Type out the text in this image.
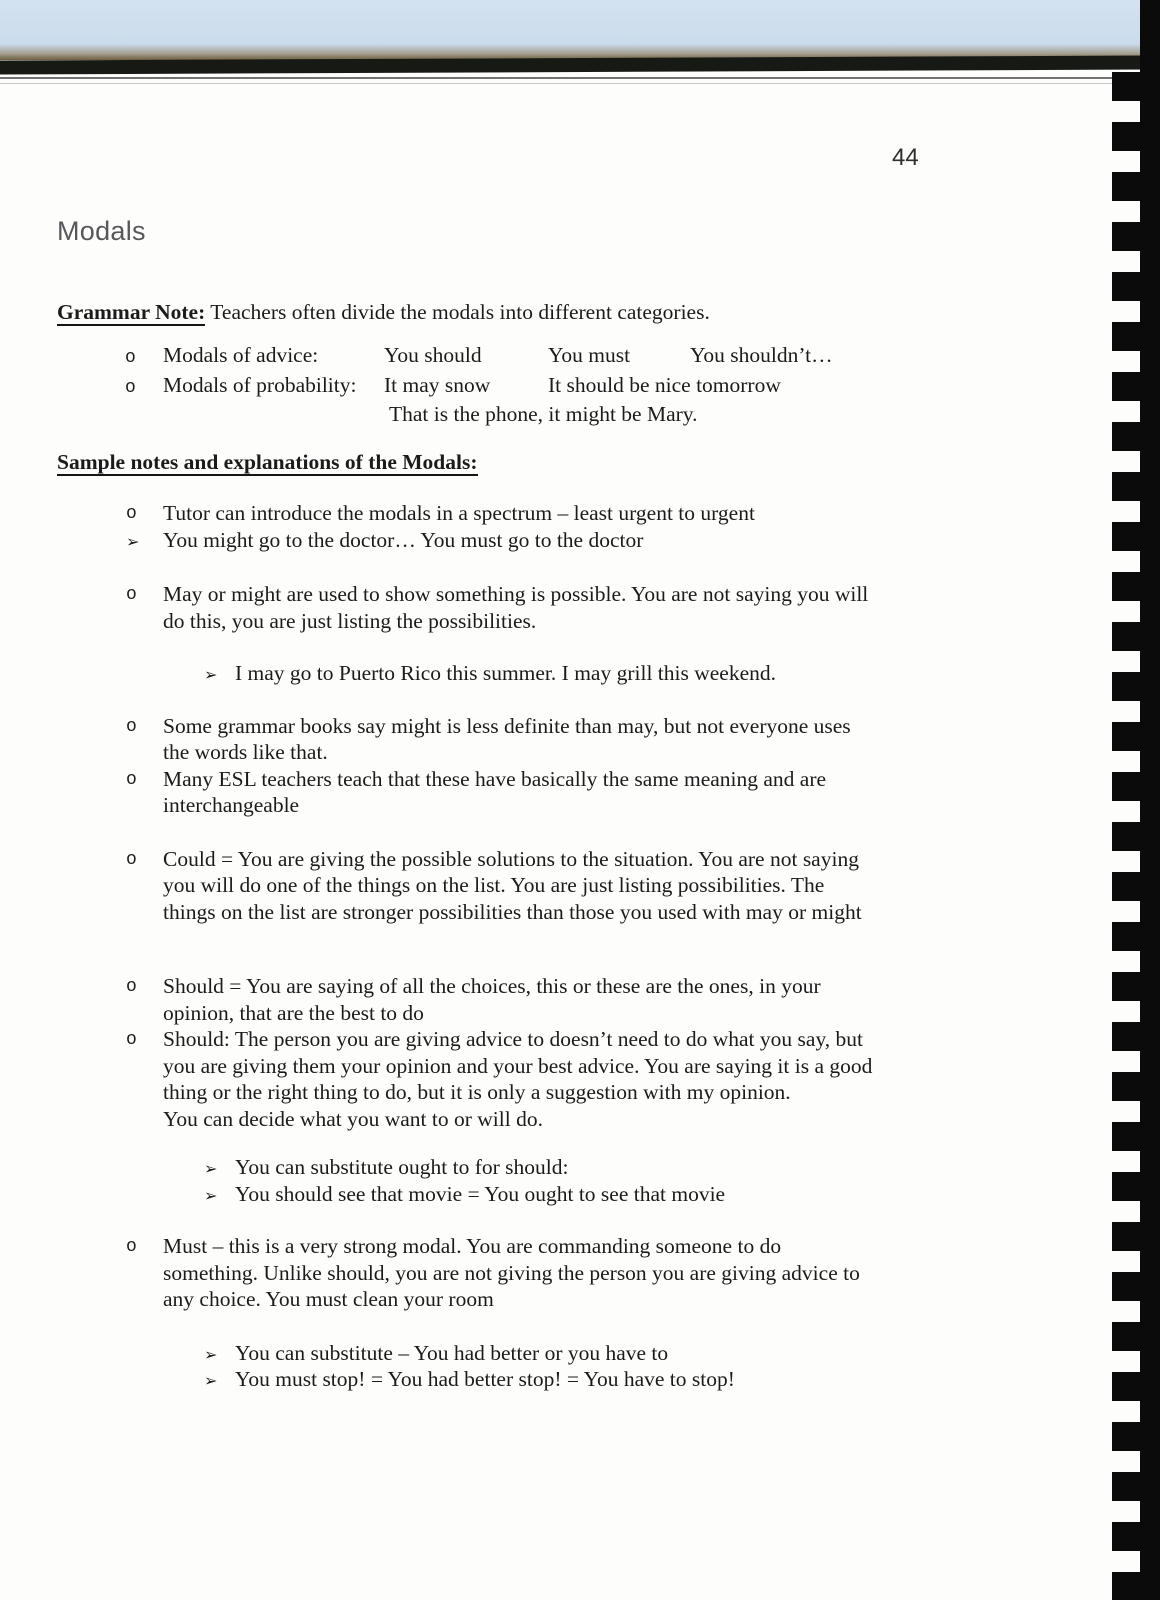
44
Modals
Grammar Note: Teachers often divide the modals into different categories.
o Modals of advice:	You should	You must	You shouldn’t…
o Modals of probability: It may snow	It should be nice tomorrow
That is the phone, it might be Mary.
Sample notes and explanations of the Modals:
o Tutor can introduce the modals in a spectrum – least urgent to urgent
➢ You might go to the doctor… You must go to the doctor
o May or might are used to show something is possible. You are not saying you will
do this, you are just listing the possibilities.
➢ I may go to Puerto Rico this summer. I may grill this weekend.
o Some grammar books say might is less definite than may, but not everyone uses
the words like that.
o Many ESL teachers teach that these have basically the same meaning and are
interchangeable
o Could = You are giving the possible solutions to the situation. You are not saying
you will do one of the things on the list. You are just listing possibilities. The
things on the list are stronger possibilities than those you used with may or might
o Should = You are saying of all the choices, this or these are the ones, in your
opinion, that are the best to do
o Should: The person you are giving advice to doesn’t need to do what you say, but
you are giving them your opinion and your best advice. You are saying it is a good
thing or the right thing to do, but it is only a suggestion with my opinion.
You can decide what you want to or will do.
➢ You can substitute ought to for should:
➢ You should see that movie = You ought to see that movie
o Must – this is a very strong modal. You are commanding someone to do
something. Unlike should, you are not giving the person you are giving advice to
any choice. You must clean your room
➢ You can substitute – You had better or you have to
➢ You must stop! = You had better stop! = You have to stop!
